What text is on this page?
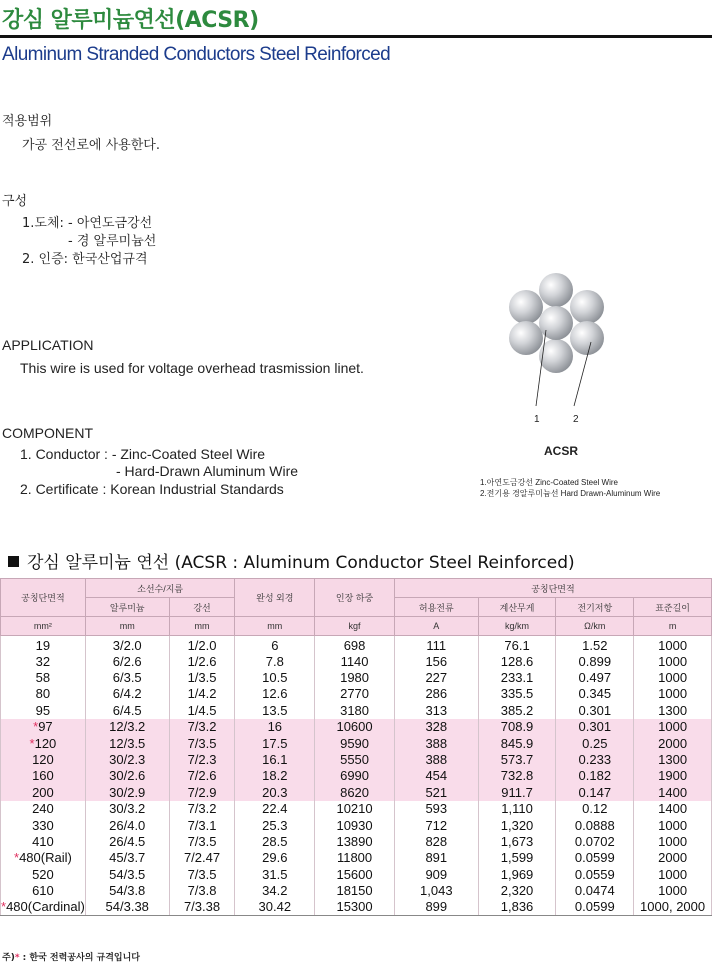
강심 알루미늄연선(ACSR)
Aluminum Stranded Conductors Steel Reinforced
적용범위
가공 전선로에 사용한다.
구성
1.도체: - 아연도금강선
- 경 알루미늄선
2. 인증: 한국산업규격
APPLICATION
This wire is used for voltage overhead trasmission linet.
COMPONENT
1. Conductor : - Zinc-Coated Steel Wire
- Hard-Drawn Aluminum Wire
2. Certificate : Korean Industrial Standards
1	2
ACSR
1.아연도금강선 Zinc-Coated Steel Wire
2.전기용 경알루미늄선 Hard Drawn-Aluminum Wire
강심 알루미늄 연선 (ACSR : Aluminum Conductor Steel Reinforced)
공칭단면적	소선수/지름		완성 외경	인장 하중	공칭단면적			
	알루미늄	강선			허용전류	계산무게	전기저항	표준길이
mm²	mm	mm	mm	kgf	A	kg/km	Ω/km	m
19	3/2.0	1/2.0	6	698	111	76.1	1.52	1000
32	6/2.6	1/2.6	7.8	1140	156	128.6	0.899	1000
58	6/3.5	1/3.5	10.5	1980	227	233.1	0.497	1000
80	6/4.2	1/4.2	12.6	2770	286	335.5	0.345	1000
95	6/4.5	1/4.5	13.5	3180	313	385.2	0.301	1300
*97	12/3.2	7/3.2	16	10600	328	708.9	0.301	1000
*120	12/3.5	7/3.5	17.5	9590	388	845.9	0.25	2000
120	30/2.3	7/2.3	16.1	5550	388	573.7	0.233	1300
160	30/2.6	7/2.6	18.2	6990	454	732.8	0.182	1900
200	30/2.9	7/2.9	20.3	8620	521	911.7	0.147	1400
240	30/3.2	7/3.2	22.4	10210	593	1,110	0.12	1400
330	26/4.0	7/3.1	25.3	10930	712	1,320	0.0888	1000
410	26/4.5	7/3.5	28.5	13890	828	1,673	0.0702	1000
*480(Rail)	45/3.7	7/2.47	29.6	11800	891	1,599	0.0599	2000
520	54/3.5	7/3.5	31.5	15600	909	1,969	0.0559	1000
610	54/3.8	7/3.8	34.2	18150	1,043	2,320	0.0474	1000
*480(Cardinal)	54/3.38	7/3.38	30.42	15300	899	1,836	0.0599	1000, 2000
주)* : 한국 전력공사의 규격입니다
